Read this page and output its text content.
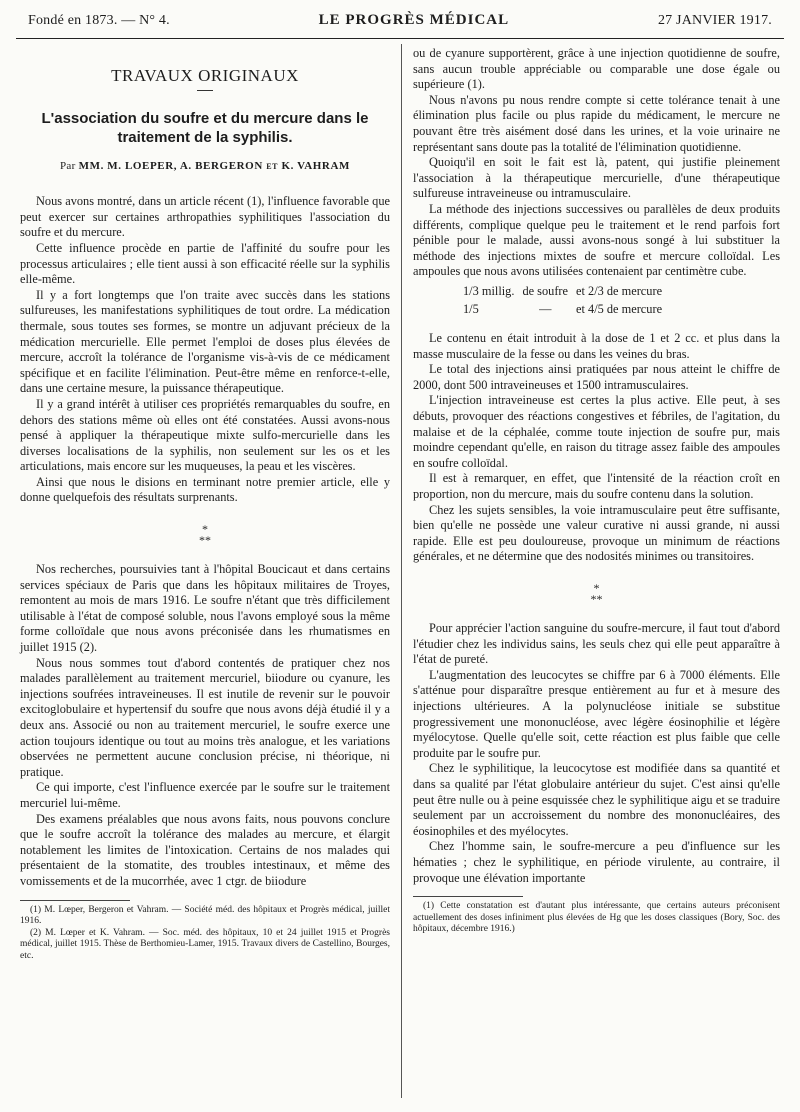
Fondé en 1873. — N° 4.	LE PROGRÈS MÉDICAL	27 JANVIER 1917.
TRAVAUX ORIGINAUX
L'association du soufre et du mercure dans le traitement de la syphilis.
Par MM. M. LOEPER, A. BERGERON et K. VAHRAM

Nous avons montré, dans un article récent (1), l'influence favorable que peut exercer sur certaines arthropathies syphilitiques l'association du soufre et du mercure.

Cette influence procède en partie de l'affinité du soufre pour les processus articulaires ; elle tient aussi à son efficacité réelle sur la syphilis elle-même.

Il y a fort longtemps que l'on traite avec succès dans les stations sulfureuses, les manifestations syphilitiques de tout ordre. La médication thermale, sous toutes ses formes, se montre un adjuvant précieux de la médication mercurielle. Elle permet l'emploi de doses plus élevées de mercure, accroît la tolérance de l'organisme vis-à-vis de ce médicament spécifique et en facilite l'élimination. Peut-être même en renforce-t-elle, dans une certaine mesure, la puissance thérapeutique.

Il y a grand intérêt à utiliser ces propriétés remarquables du soufre, en dehors des stations même où elles ont été constatées. Aussi avons-nous pensé à appliquer la thérapeutique mixte sulfo-mercurielle dans les diverses localisations de la syphilis, non seulement sur les os et les articulations, mais encore sur les muqueuses, la peau et les viscères.

Ainsi que nous le disions en terminant notre premier article, elle y donne quelquefois des résultats surprenants.

*
**

Nos recherches, poursuivies tant à l'hôpital Boucicaut et dans certains services spéciaux de Paris que dans les hôpitaux militaires de Troyes, remontent au mois de mars 1916. Le soufre n'étant que très difficilement utilisable à l'état de composé soluble, nous l'avons employé sous la même forme colloïdale que nous avons préconisée dans les rhumatismes en juillet 1915 (2).

Nous nous sommes tout d'abord contentés de pratiquer chez nos malades parallèlement au traitement mercuriel, biiodure ou cyanure, les injections soufrées intraveineuses. Il est inutile de revenir sur le pouvoir excitoglobulaire et hypertensif du soufre que nous avons déjà étudié il y a deux ans. Associé ou non au traitement mercuriel, le soufre exerce une action toujours identique ou tout au moins très analogue, et les variations observées ne permettent aucune conclusion précise, ni théorique, ni pratique.

Ce qui importe, c'est l'influence exercée par le soufre sur le traitement mercuriel lui-même.

Des examens préalables que nous avons faits, nous pouvons conclure que le soufre accroît la tolérance des malades au mercure, et élargit notablement les limites de l'intoxication. Certains de nos malades qui présentaient de la stomatite, des troubles intestinaux, et même des vomissements et de la mucorrhée, avec 1 ctgr. de biiodure

(1) M. Lœper, Bergeron et Vahram. — Société méd. des hôpitaux et Progrès médical, juillet 1916.

(2) M. Lœper et K. Vahram. — Soc. méd. des hôpitaux, 10 et 24 juillet 1915 et Progrès médical, juillet 1915. Thèse de Berthomieu-Lamer, 1915. Travaux divers de Castellino, Bourges, etc.

ou de cyanure supportèrent, grâce à une injection quotidienne de soufre, sans aucun trouble appréciable ou comparable une dose égale ou supérieure (1).

Nous n'avons pu nous rendre compte si cette tolérance tenait à une élimination plus facile ou plus rapide du médicament, le mercure ne pouvant être très aisément dosé dans les urines, et la voie urinaire ne représentant sans doute pas la totalité de l'élimination quotidienne.

Quoiqu'il en soit le fait est là, patent, qui justifie pleinement l'association à la thérapeutique mercurielle, d'une thérapeutique sulfureuse intraveineuse ou intramusculaire.

La méthode des injections successives ou parallèles de deux produits différents, complique quelque peu le traitement et le rend parfois fort pénible pour le malade, aussi avons-nous songé à lui substituer la méthode des injections mixtes de soufre et mercure colloïdal. Les ampoules que nous avons utilisées contenaient par centimètre cube.

1/3 millig.	de soufre	et 2/3 de mercure
1/5	—	et 4/5 de mercure

Le contenu en était introduit à la dose de 1 et 2 cc. et plus dans la masse musculaire de la fesse ou dans les veines du bras.

Le total des injections ainsi pratiquées par nous atteint le chiffre de 2000, dont 500 intraveineuses et 1500 intramusculaires.

L'injection intraveineuse est certes la plus active. Elle peut, à ses débuts, provoquer des réactions congestives et fébriles, de l'agitation, du malaise et de la céphalée, comme toute injection de soufre pur, mais moindre cependant qu'elle, en raison du titrage assez faible des ampoules en soufre colloïdal.

Il est à remarquer, en effet, que l'intensité de la réaction croît en proportion, non du mercure, mais du soufre contenu dans la solution.

Chez les sujets sensibles, la voie intramusculaire peut être suffisante, bien qu'elle ne possède une valeur curative ni aussi grande, ni aussi rapide. Elle est peu douloureuse, provoque un minimum de réactions générales, et ne détermine que des nodosités minimes ou transitoires.

*
**

Pour apprécier l'action sanguine du soufre-mercure, il faut tout d'abord l'étudier chez les individus sains, les seuls chez qui elle peut apparaître à l'état de pureté.

L'augmentation des leucocytes se chiffre par 6 à 7000 éléments. Elle s'atténue pour disparaître presque entièrement au fur et à mesure des injections ultérieures. A la polynucléose initiale se substitue progressivement une mononucléose, avec légère éosinophilie et légère myélocytose. Quelle qu'elle soit, cette réaction est plus faible que celle produite par le soufre pur.

Chez le syphilitique, la leucocytose est modifiée dans sa quantité et dans sa qualité par l'état globulaire antérieur du sujet. C'est ainsi qu'elle peut être nulle ou à peine esquissée chez le syphilitique aigu et se traduire seulement par un accroissement du nombre des mononucléaires, des éosinophiles et des myélocytes.

Chez l'homme sain, le soufre-mercure a peu d'influence sur les hématies ; chez le syphilitique, en période virulente, au contraire, il provoque une élévation importante

(1) Cette constatation est d'autant plus intéressante, que certains auteurs préconisent actuellement des doses infiniment plus élevées de Hg que les doses classiques (Bory, Soc. des hôpitaux, décembre 1916.)
